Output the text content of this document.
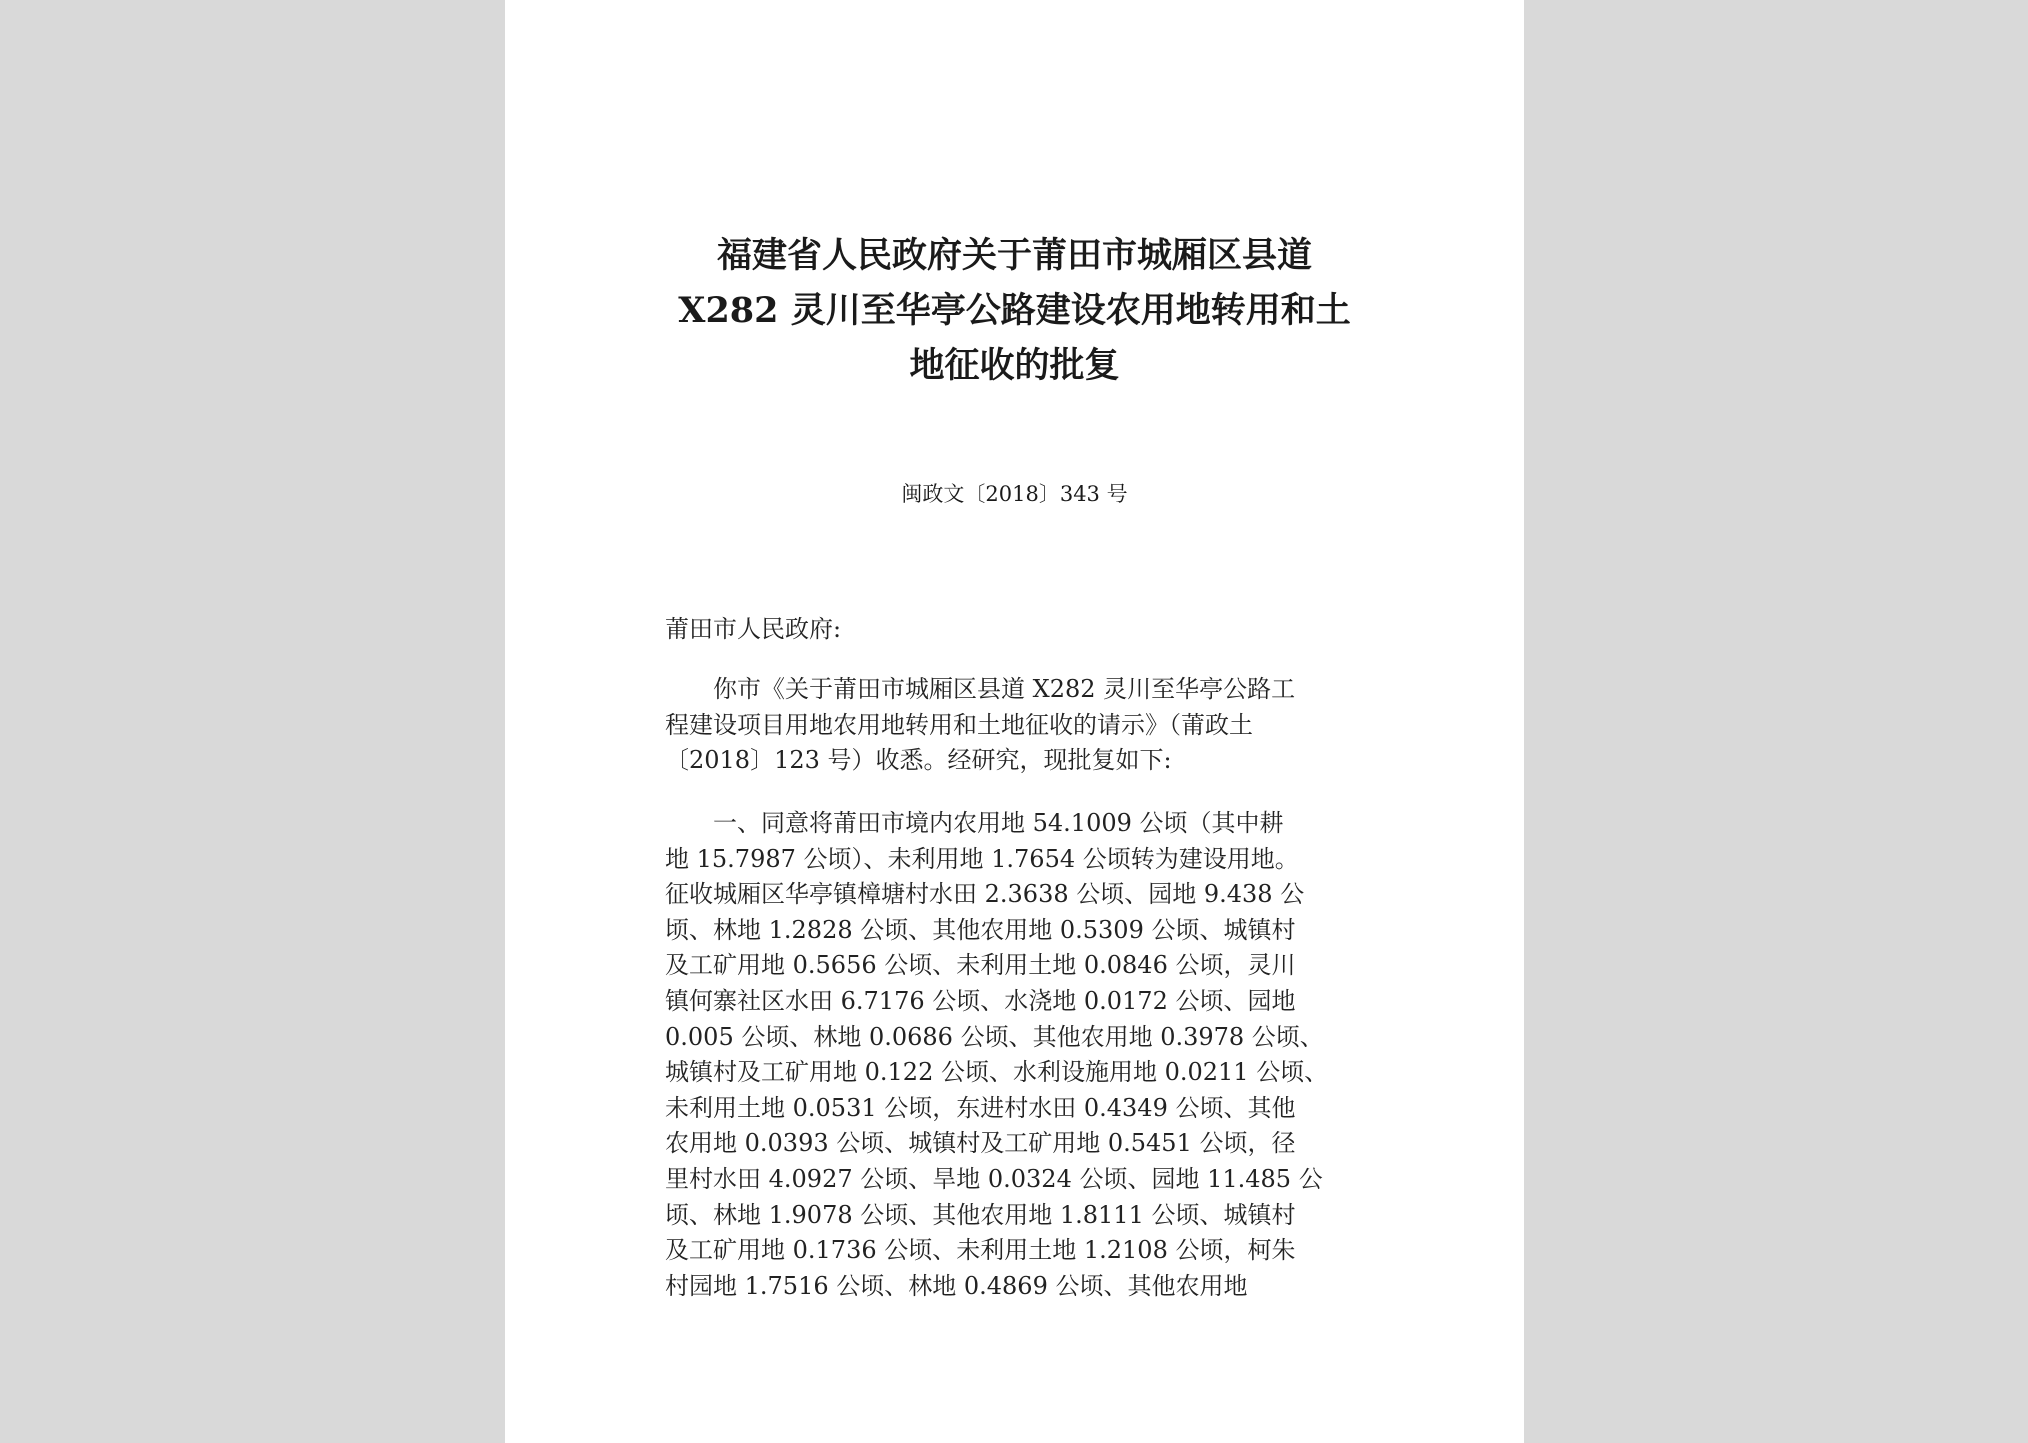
福建省人民政府关于莆田市城厢区县道
X282 灵川至华亭公路建设农用地转用和土
地征收的批复
闽政文〔2018〕343 号
莆田市人民政府:
　　你市《关于莆田市城厢区县道 X282 灵川至华亭公路工
程建设项目用地农用地转用和土地征收的请示》（莆政土
〔2018〕123 号）收悉。经研究，现批复如下:
　　一、同意将莆田市境内农用地 54.1009 公顷（其中耕
地 15.7987 公顷）、未利用地 1.7654 公顷转为建设用地。
征收城厢区华亭镇樟塘村水田 2.3638 公顷、园地 9.438 公
顷、林地 1.2828 公顷、其他农用地 0.5309 公顷、城镇村
及工矿用地 0.5656 公顷、未利用土地 0.0846 公顷，灵川
镇何寨社区水田 6.7176 公顷、水浇地 0.0172 公顷、园地
0.005 公顷、林地 0.0686 公顷、其他农用地 0.3978 公顷、
城镇村及工矿用地 0.122 公顷、水利设施用地 0.0211 公顷、
未利用土地 0.0531 公顷，东进村水田 0.4349 公顷、其他
农用地 0.0393 公顷、城镇村及工矿用地 0.5451 公顷，径
里村水田 4.0927 公顷、旱地 0.0324 公顷、园地 11.485 公
顷、林地 1.9078 公顷、其他农用地 1.8111 公顷、城镇村
及工矿用地 0.1736 公顷、未利用土地 1.2108 公顷，柯朱
村园地 1.7516 公顷、林地 0.4869 公顷、其他农用地
